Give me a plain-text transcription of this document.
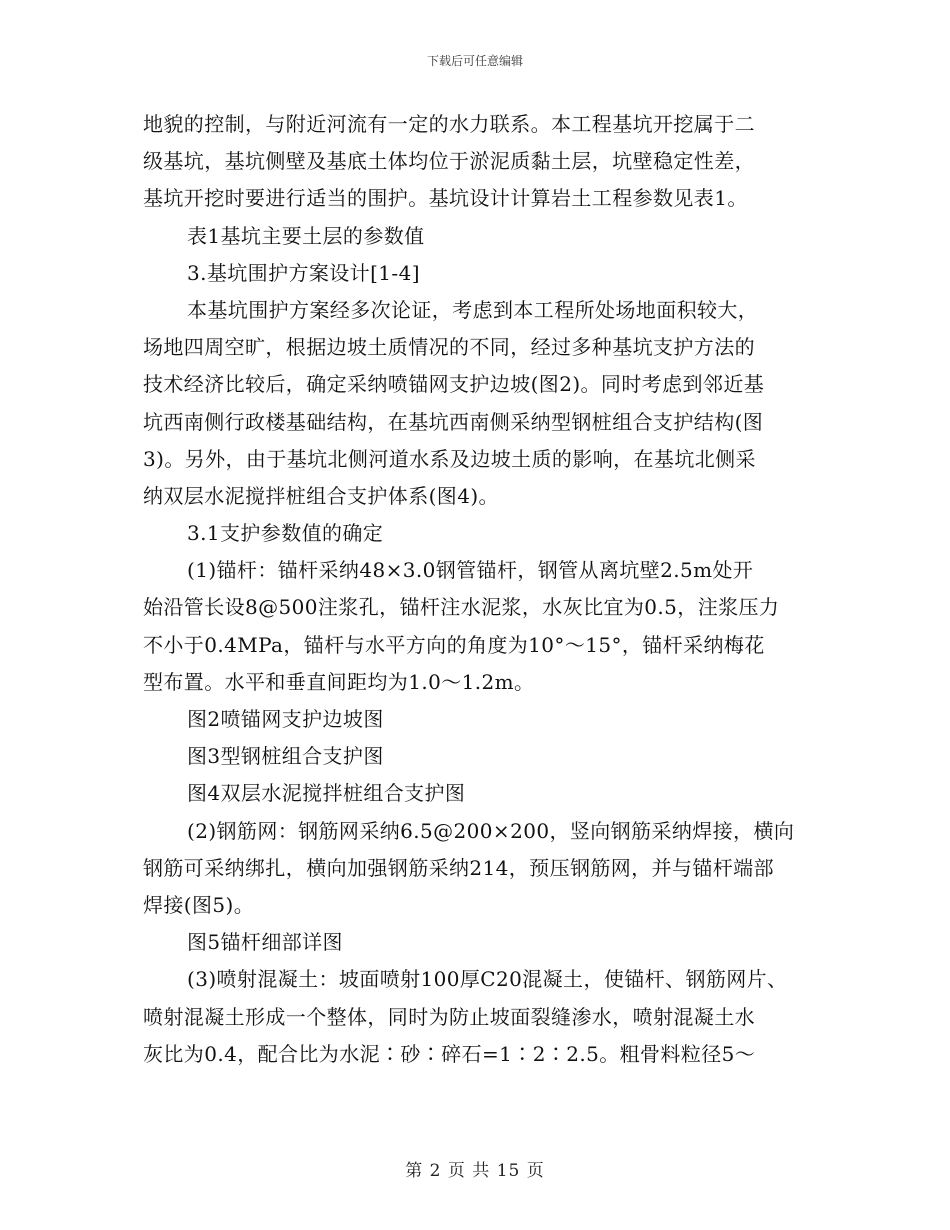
下载后可任意编辑
地貌的控制，与附近河流有一定的水力联系。本工程基坑开挖属于二
级基坑，基坑侧壁及基底土体均位于淤泥质黏土层，坑壁稳定性差，
基坑开挖时要进行适当的围护。基坑设计计算岩土工程参数见表1。
表1基坑主要土层的参数值
3.基坑围护方案设计[1-4]
本基坑围护方案经多次论证，考虑到本工程所处场地面积较大，
场地四周空旷，根据边坡土质情况的不同，经过多种基坑支护方法的
技术经济比较后，确定采纳喷锚网支护边坡(图2)。同时考虑到邻近基
坑西南侧行政楼基础结构，在基坑西南侧采纳型钢桩组合支护结构(图
3)。另外，由于基坑北侧河道水系及边坡土质的影响，在基坑北侧采
纳双层水泥搅拌桩组合支护体系(图4)。
3.1支护参数值的确定
(1)锚杆：锚杆采纳48×3.0钢管锚杆，钢管从离坑壁2.5m处开
始沿管长设8@500注浆孔，锚杆注水泥浆，水灰比宜为0.5，注浆压力
不小于0.4MPa，锚杆与水平方向的角度为10°～15°，锚杆采纳梅花
型布置。水平和垂直间距均为1.0～1.2m。
图2喷锚网支护边坡图
图3型钢桩组合支护图
图4双层水泥搅拌桩组合支护图
(2)钢筋网：钢筋网采纳6.5@200×200，竖向钢筋采纳焊接，横向
钢筋可采纳绑扎，横向加强钢筋采纳214，预压钢筋网，并与锚杆端部
焊接(图5)。
图5锚杆细部详图
(3)喷射混凝土：坡面喷射100厚C20混凝土，使锚杆、钢筋网片、
喷射混凝土形成一个整体，同时为防止坡面裂缝渗水，喷射混凝土水
灰比为0.4，配合比为水泥∶砂∶碎石=1∶2∶2.5。粗骨料粒径5～
第 2 页 共 15 页
